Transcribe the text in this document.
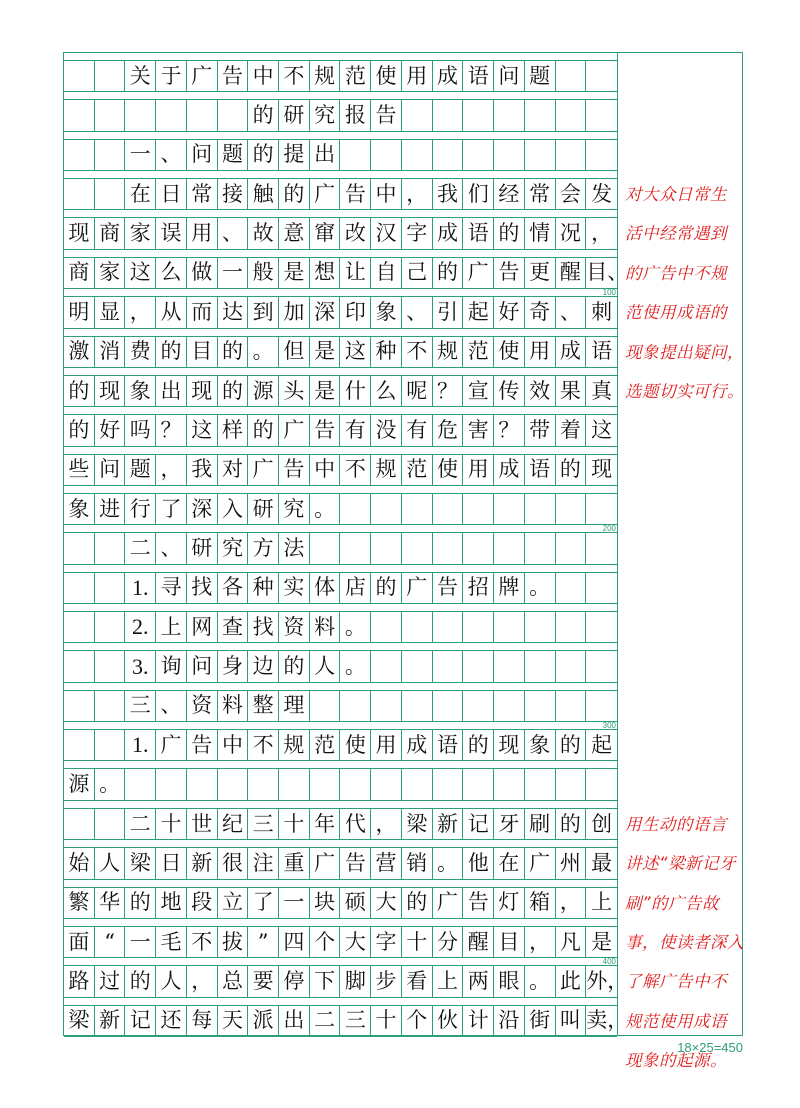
关 于 广 告 中 不 规 范 使 用 成 语 问 题
的 研 究 报 告
一 、 问 题 的 提 出
在 日 常 接 触 的 广 告 中 ， 我 们 经 常 会 发
现 商 家 误 用 、 故 意 窜 改 汉 字 成 语 的 情 况 ，
商 家 这 么 做 一 般 是 想 让 自 己 的 广 告 更 醒 目、
100
明 显 ， 从 而 达 到 加 深 印 象 、 引 起 好 奇 、 刺
激 消 费 的 目 的 。 但 是 这 种 不 规 范 使 用 成 语
的 现 象 出 现 的 源 头 是 什 么 呢 ？ 宣 传 效 果 真
的 好 吗 ？ 这 样 的 广 告 有 没 有 危 害 ？ 带 着 这
些 问 题 ， 我 对 广 告 中 不 规 范 使 用 成 语 的 现
象 进 行 了 深 入 研 究 。
200
二 、 研 究 方 法
1. 寻 找 各 种 实 体 店 的 广 告 招 牌 。
2. 上 网 查 找 资 料 。
3. 询 问 身 边 的 人 。
三 、 资 料 整 理
300
1. 广 告 中 不 规 范 使 用 成 语 的 现 象 的 起
源 。
二 十 世 纪 三 十 年 代 ， 梁 新 记 牙 刷 的 创
始 人 梁 日 新 很 注 重 广 告 营 销 。 他 在 广 州 最
繁 华 的 地 段 立 了 一 块 硕 大 的 广 告 灯 箱 ， 上
面 “ 一 毛 不 拔 ” 四 个 大 字 十 分 醒 目 ， 凡 是
400
路 过 的 人 ， 总 要 停 下 脚 步 看 上 两 眼 。 此 外，
梁 新 记 还 每 天 派 出 二 三 十 个 伙 计 沿 街 叫 卖，
对大众日常生
活中经常遇到
的广告中不规
范使用成语的
现象提出疑问，
选题切实可行。
用生动的语言
讲述“梁新记牙
刷”的广告故
事，使读者深入
了解广告中不
规范使用成语
现象的起源。
18×25=450
